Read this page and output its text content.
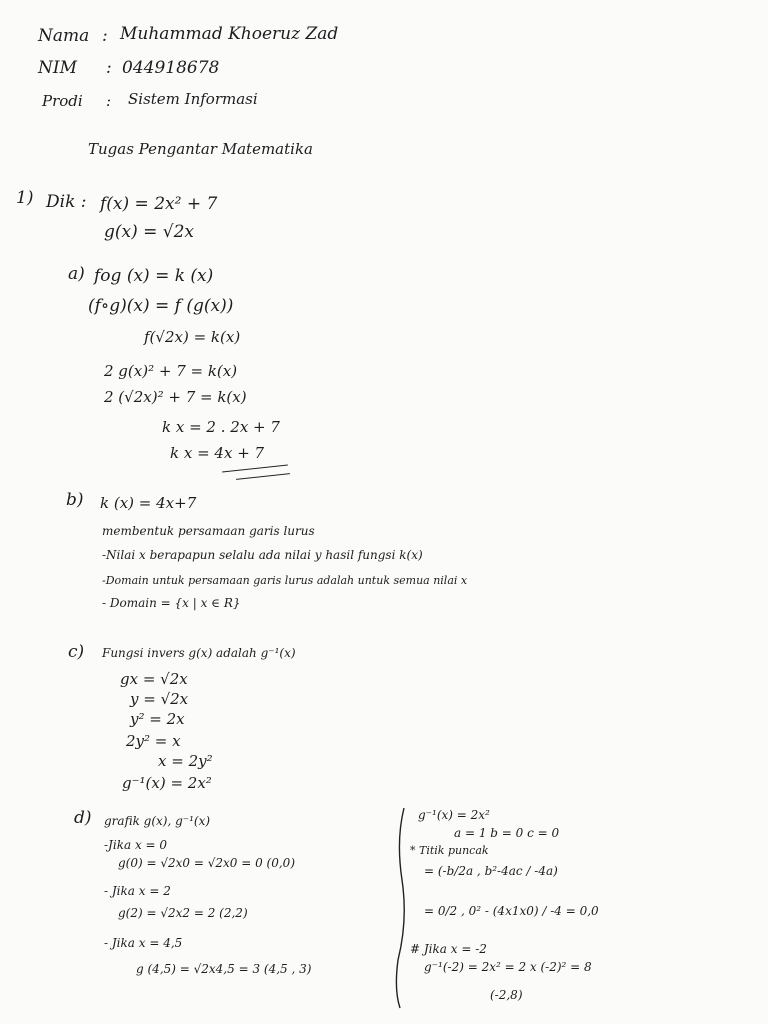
Nama : Muhammad Khoeruz Zad
NIM : 044918678
Prodi : Sistem Informasi
Tugas Pengantar Matematika
1) Dik : f(x) = 2x² + 7
g(x) = √2x
a) fog (x) = k (x)
(f∘g)(x) = f (g(x))
f(√2x) = k(x)
2 g(x)² + 7 = k(x)
2 (√2x)² + 7 = k(x)
k x = 2 . 2x + 7
k x = 4x + 7
b) k (x) = 4x+7
membentuk persamaan garis lurus
-Nilai x berapapun selalu ada nilai y hasil fungsi k(x)
-Domain untuk persamaan garis lurus adalah untuk semua nilai x
- Domain = {x | x ∈ R}
c) Fungsi invers g(x) adalah g⁻¹(x)
gx = √2x
y = √2x
y² = 2x
2y² = x
x = 2y²
g⁻¹(x) = 2x²
d) grafik g(x), g⁻¹(x)
-Jika x = 0
g(0) = √2x0 = √2x0 = 0 (0,0)
- Jika x = 2
g(2) = √2x2 = 2 (2,2)
- Jika x = 4,5
g (4,5) = √2x4,5 = 3 (4,5 , 3)
g⁻¹(x) = 2x²
a = 1 b = 0 c = 0
* Titik puncak
= (-b/2a , b²-4ac / -4a)
= 0/2 , 0² - (4x1x0) / -4 = 0,0
# Jika x = -2
g⁻¹(-2) = 2x² = 2 x (-2)² = 8
(-2,8)
